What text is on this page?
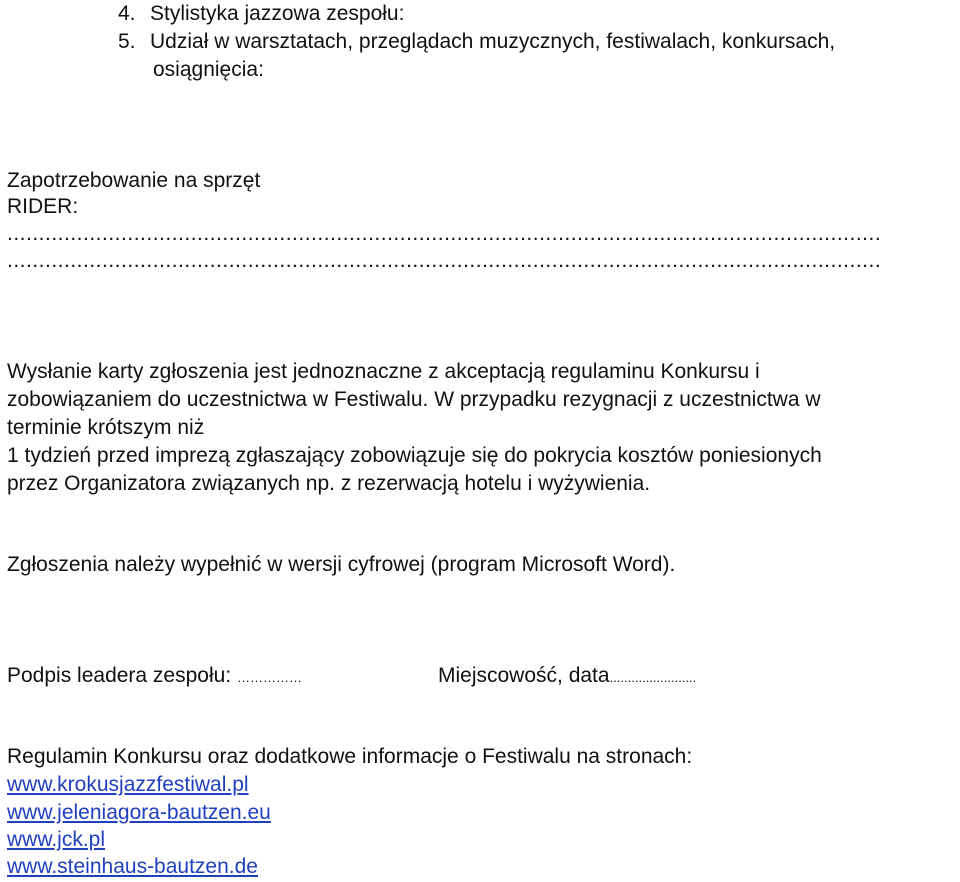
4. Stylistyka jazzowa zespołu:

5. Udział w warsztatach, przeglądach muzycznych, festiwalach, konkursach,

osiągnięcia:

Zapotrzebowanie na sprzęt

RIDER:

..........................................................................................................................................
..........................................................................................................................................

Wysłanie karty zgłoszenia jest jednoznaczne z akceptacją regulaminu Konkursu i

zobowiązaniem do uczestnictwa w Festiwalu. W przypadku rezygnacji z uczestnictwa w

terminie krótszym niż

1 tydzień przed imprezą zgłaszający zobowiązuje się do pokrycia kosztów poniesionych

przez Organizatora związanych np. z rezerwacją hotelu i wyżywienia.

Zgłoszenia należy wypełnić w wersji cyfrowej (program Microsoft Word).

Podpis leadera zespołu: ……………	Miejscowość, data........................

Regulamin Konkursu oraz dodatkowe informacje o Festiwalu na stronach:

www.krokusjazzfestiwal.pl
www.jeleniagora-bautzen.eu
www.jck.pl
www.steinhaus-bautzen.de
